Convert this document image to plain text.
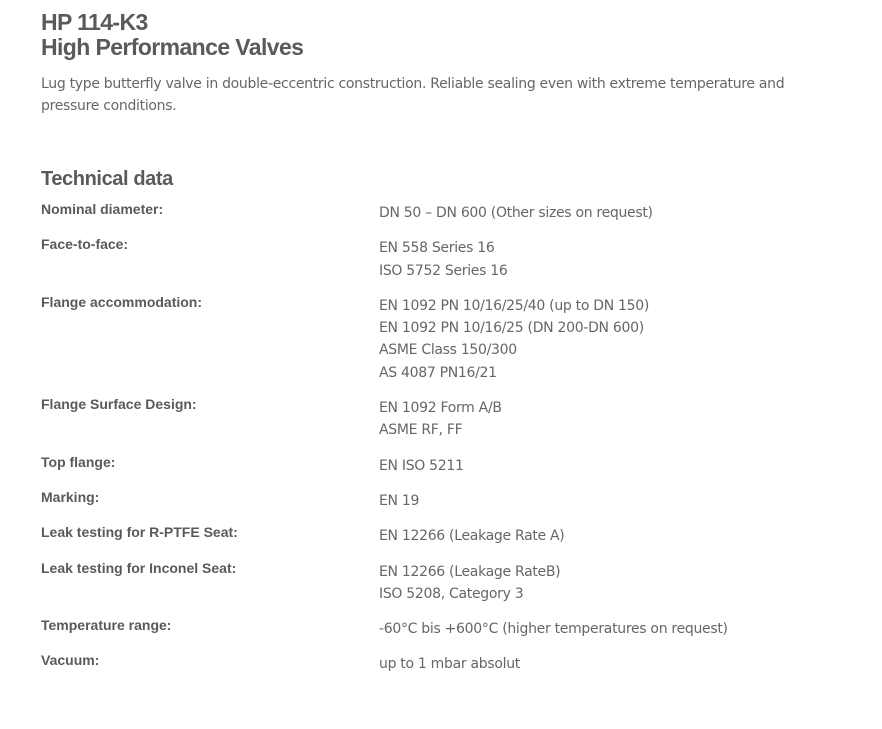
HP 114-K3
High Performance Valves

Lug type butterfly valve in double-eccentric construction. Reliable sealing even with extreme temperature and pressure conditions.

Technical data
Nominal diameter:	DN 50 – DN 600 (Other sizes on request)
Face-to-face:	EN 558 Series 16
ISO 5752 Series 16
Flange accommodation:	EN 1092 PN 10/16/25/40 (up to DN 150)
EN 1092 PN 10/16/25 (DN 200-DN 600)
ASME Class 150/300
AS 4087 PN16/21
Flange Surface Design:	EN 1092 Form A/B
ASME RF, FF
Top flange:	EN ISO 5211
Marking:	EN 19
Leak testing for R-PTFE Seat:	EN 12266 (Leakage Rate A)
Leak testing for Inconel Seat:	EN 12266 (Leakage RateB)
ISO 5208, Category 3
Temperature range:	-60°C bis +600°C (higher temperatures on request)
Vacuum:	up to 1 mbar absolut
